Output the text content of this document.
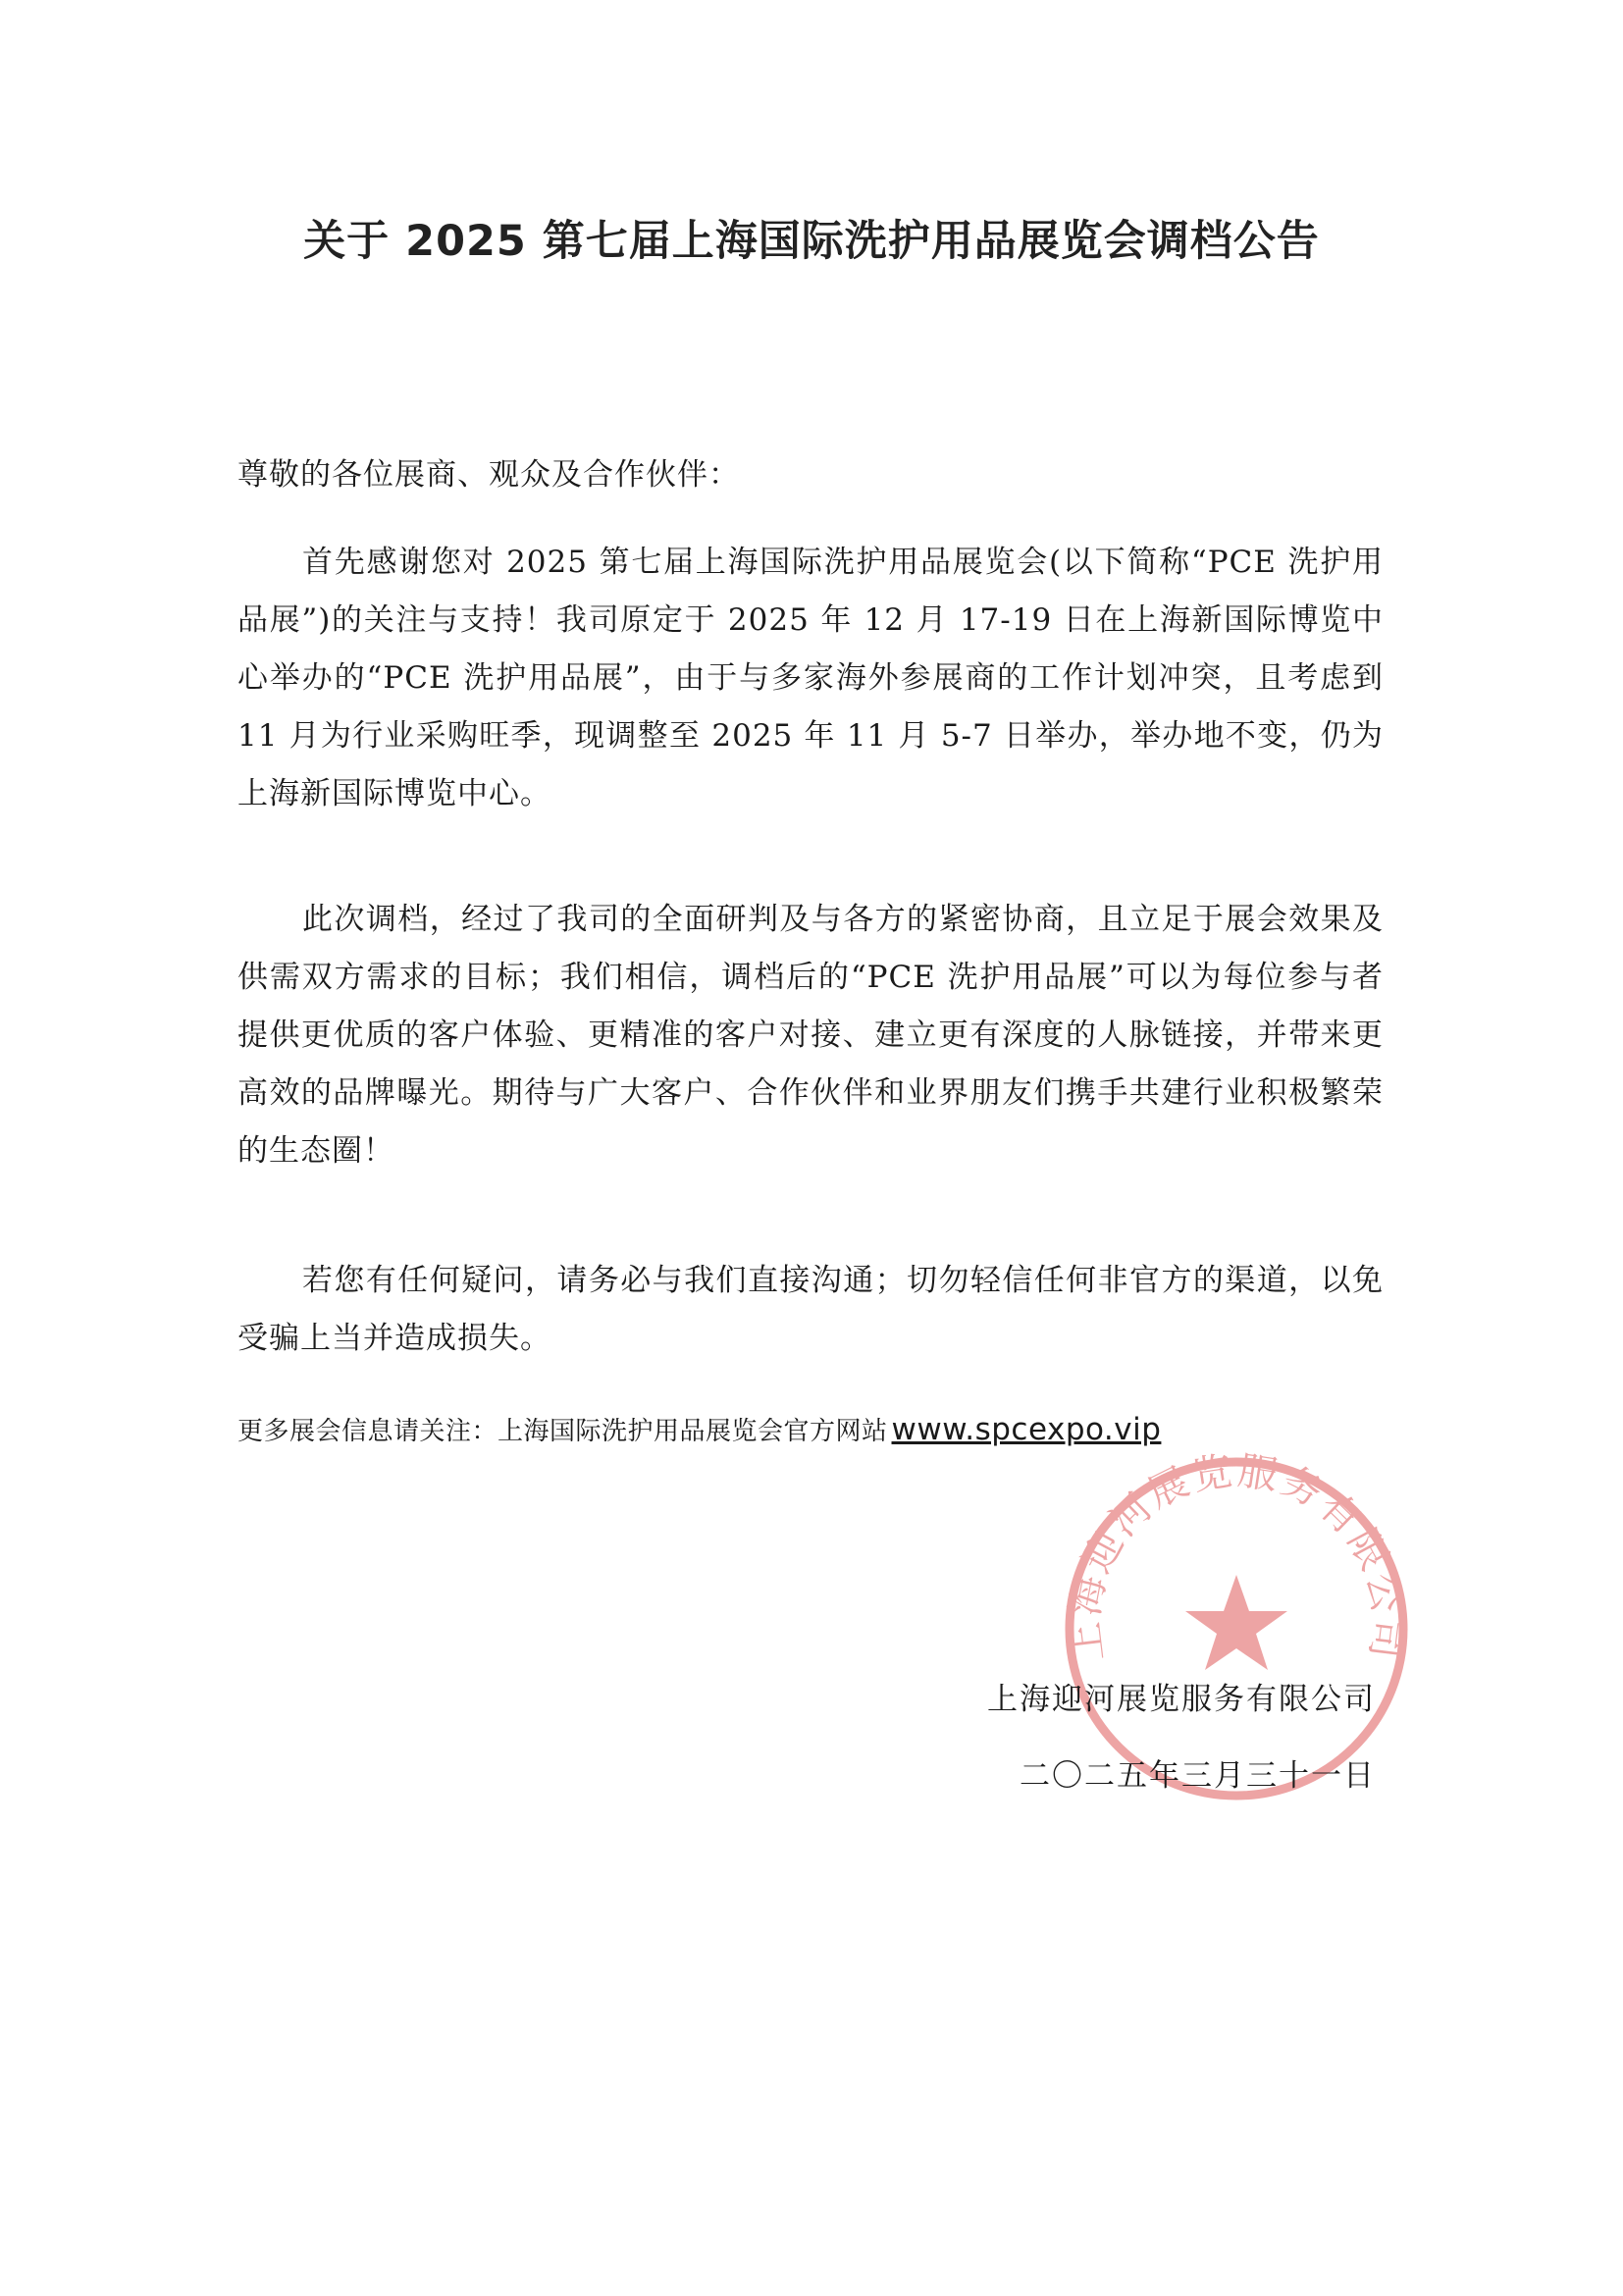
关于 2025 第七届上海国际洗护用品展览会调档公告
尊敬的各位展商、观众及合作伙伴：

首先感谢您对 2025 第七届上海国际洗护用品展览会(以下简称“PCE 洗护用品展”)的关注与支持！我司原定于 2025 年 12 月 17-19 日在上海新国际博览中心举办的“PCE 洗护用品展”，由于与多家海外参展商的工作计划冲突，且考虑到 11 月为行业采购旺季，现调整至 2025 年 11 月 5-7 日举办，举办地不变，仍为上海新国际博览中心。

此次调档，经过了我司的全面研判及与各方的紧密协商，且立足于展会效果及供需双方需求的目标；我们相信，调档后的“PCE 洗护用品展”可以为每位参与者提供更优质的客户体验、更精准的客户对接、建立更有深度的人脉链接，并带来更高效的品牌曝光。期待与广大客户、合作伙伴和业界朋友们携手共建行业积极繁荣的生态圈！

若您有任何疑问，请务必与我们直接沟通；切勿轻信任何非官方的渠道，以免受骗上当并造成损失。

更多展会信息请关注：上海国际洗护用品展览会官方网站 www.spcexpo.vip
上海迎河展览服务有限公司
上海迎河展览服务有限公司
二〇二五年三月三十一日
